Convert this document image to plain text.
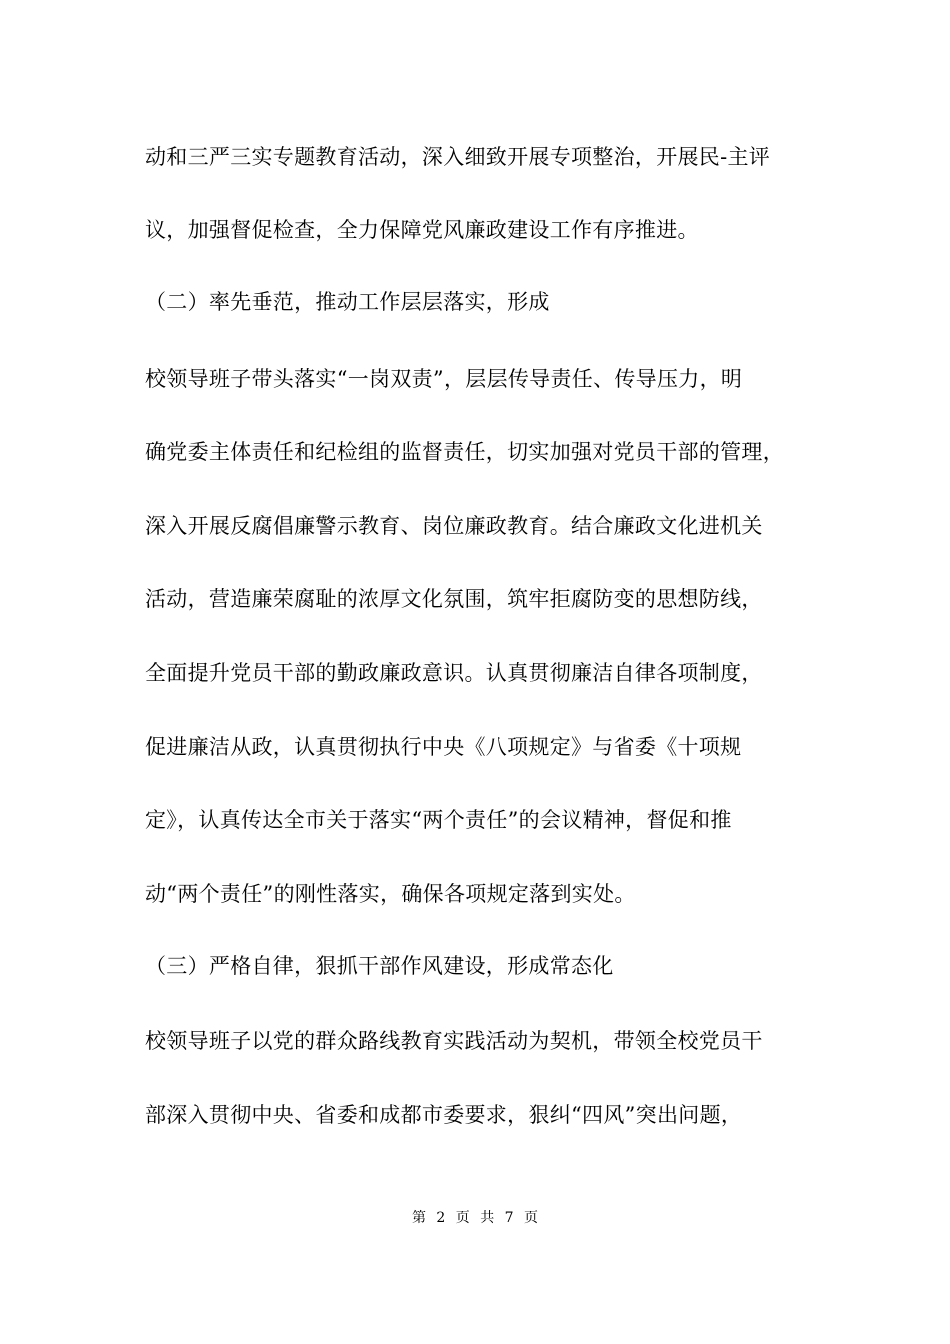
动和三严三实专题教育活动，深入细致开展专项整治，开展民-主评
议，加强督促检查，全力保障党风廉政建设工作有序推进。
（二）率先垂范，推动工作层层落实，形成
校领导班子带头落实“一岗双责”，层层传导责任、传导压力，明
确党委主体责任和纪检组的监督责任，切实加强对党员干部的管理，
深入开展反腐倡廉警示教育、岗位廉政教育。结合廉政文化进机关
活动，营造廉荣腐耻的浓厚文化氛围，筑牢拒腐防变的思想防线，
全面提升党员干部的勤政廉政意识。认真贯彻廉洁自律各项制度，
促进廉洁从政，认真贯彻执行中央《八项规定》与省委《十项规
定》，认真传达全市关于落实“两个责任”的会议精神，督促和推
动“两个责任”的刚性落实，确保各项规定落到实处。
（三）严格自律，狠抓干部作风建设，形成常态化
校领导班子以党的群众路线教育实践活动为契机，带领全校党员干
部深入贯彻中央、省委和成都市委要求，狠纠“四风”突出问题，
第 2 页 共 7 页
